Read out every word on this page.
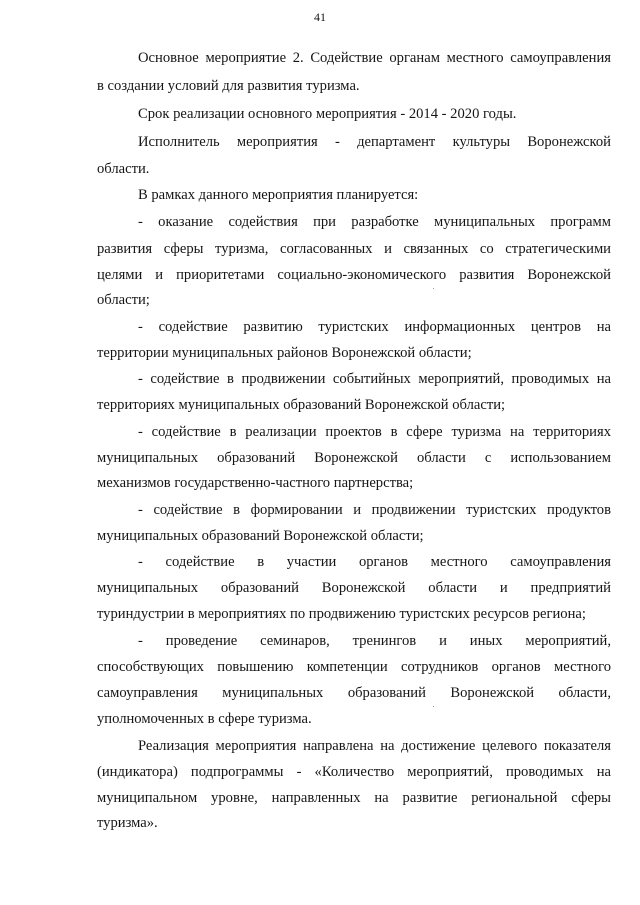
41
Основное мероприятие 2. Содействие органам местного самоуправления
в создании условий для развития туризма.
Срок реализации основного мероприятия - 2014 - 2020 годы.
Исполнитель мероприятия - департамент культуры Воронежской
области.
В рамках данного мероприятия планируется:
- оказание содействия при разработке муниципальных программ
развития сферы туризма, согласованных и связанных со стратегическими
целями и приоритетами социально-экономического развития Воронежской
области;
- содействие развитию туристских информационных центров на
территории муниципальных районов Воронежской области;
- содействие в продвижении событийных мероприятий, проводимых на
территориях муниципальных образований Воронежской области;
- содействие в реализации проектов в сфере туризма на территориях
муниципальных образований Воронежской области с использованием
механизмов государственно-частного партнерства;
- содействие в формировании и продвижении туристских продуктов
муниципальных образований Воронежской области;
- содействие в участии органов местного самоуправления
муниципальных образований Воронежской области и предприятий
туриндустрии в мероприятиях по продвижению туристских ресурсов региона;
- проведение семинаров, тренингов и иных мероприятий,
способствующих повышению компетенции сотрудников органов местного
самоуправления муниципальных образований Воронежской области,
уполномоченных в сфере туризма.
Реализация мероприятия направлена на достижение целевого показателя
(индикатора) подпрограммы - «Количество мероприятий, проводимых на
муниципальном уровне, направленных на развитие региональной сферы
туризма».
